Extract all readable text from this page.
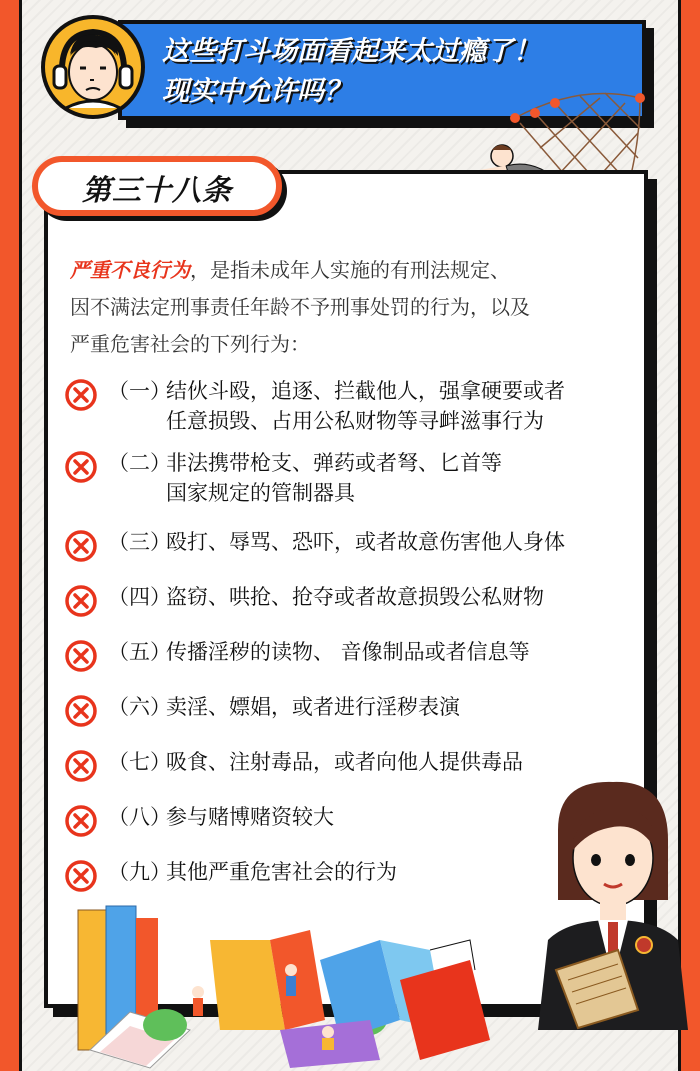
这些打斗场面看起来太过瘾了！
现实中允许吗？
第三十八条
严重不良行为，是指未成年人实施的有刑法规定、
因不满法定刑事责任年龄不予刑事处罚的行为，以及
严重危害社会的下列行为：
（一）
结伙斗殴，追逐、拦截他人，强拿硬要或者
任意损毁、占用公私财物等寻衅滋事行为
（二）
非法携带枪支、弹药或者弩、匕首等
国家规定的管制器具
（三）
殴打、辱骂、恐吓，或者故意伤害他人身体
（四）
盗窃、哄抢、抢夺或者故意损毁公私财物
（五）
传播淫秽的读物、 音像制品或者信息等
（六）
卖淫、嫖娼，或者进行淫秽表演
（七）
吸食、注射毒品，或者向他人提供毒品
（八）
参与赌博赌资较大
（九）
其他严重危害社会的行为
